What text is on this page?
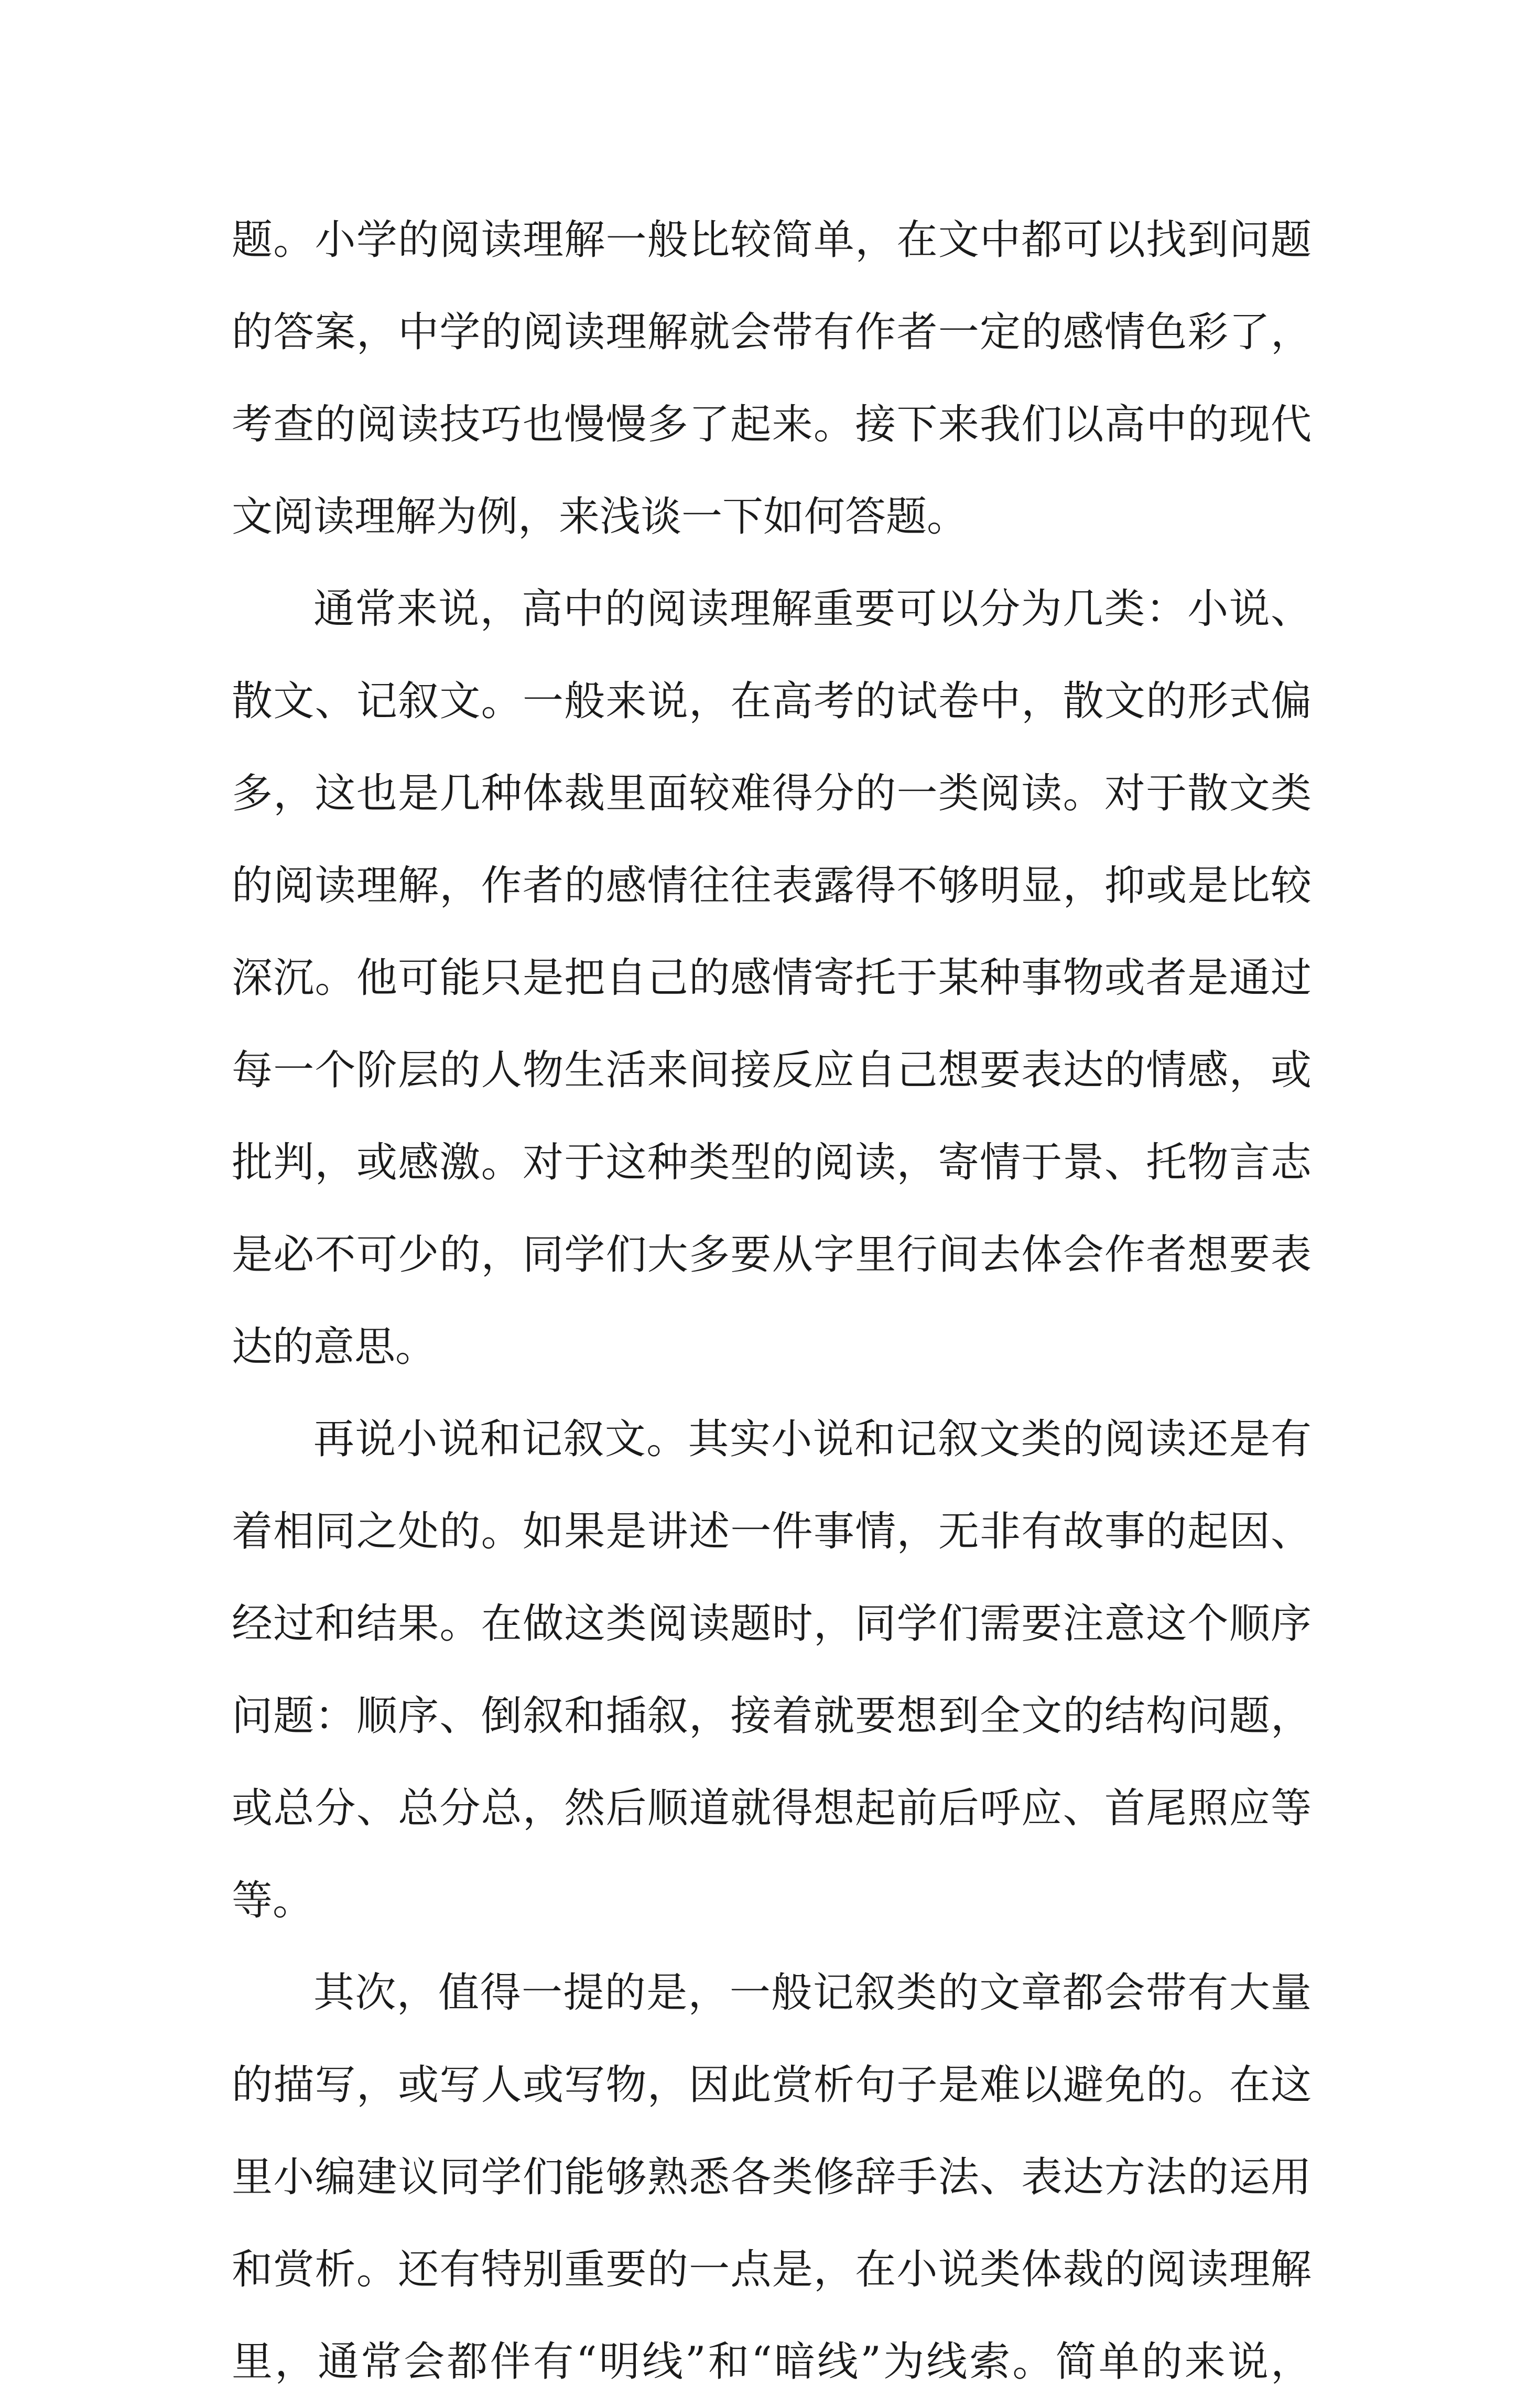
题。小学的阅读理解一般比较简单，在文中都可以找到问题
的答案，中学的阅读理解就会带有作者一定的感情色彩了，
考查的阅读技巧也慢慢多了起来。接下来我们以高中的现代
文阅读理解为例，来浅谈一下如何答题。
通常来说，高中的阅读理解重要可以分为几类：小说、
散文、记叙文。一般来说，在高考的试卷中，散文的形式偏
多，这也是几种体裁里面较难得分的一类阅读。对于散文类
的阅读理解，作者的感情往往表露得不够明显，抑或是比较
深沉。他可能只是把自己的感情寄托于某种事物或者是通过
每一个阶层的人物生活来间接反应自己想要表达的情感，或
批判，或感激。对于这种类型的阅读，寄情于景、托物言志
是必不可少的，同学们大多要从字里行间去体会作者想要表
达的意思。
再说小说和记叙文。其实小说和记叙文类的阅读还是有
着相同之处的。如果是讲述一件事情，无非有故事的起因、
经过和结果。在做这类阅读题时，同学们需要注意这个顺序
问题：顺序、倒叙和插叙，接着就要想到全文的结构问题，
或总分、总分总，然后顺道就得想起前后呼应、首尾照应等
等。
其次，值得一提的是，一般记叙类的文章都会带有大量
的描写，或写人或写物，因此赏析句子是难以避免的。在这
里小编建议同学们能够熟悉各类修辞手法、表达方法的运用
和赏析。还有特别重要的一点是，在小说类体裁的阅读理解
里，通常会都伴有“明线”和“暗线”为线索。简单的来说，
